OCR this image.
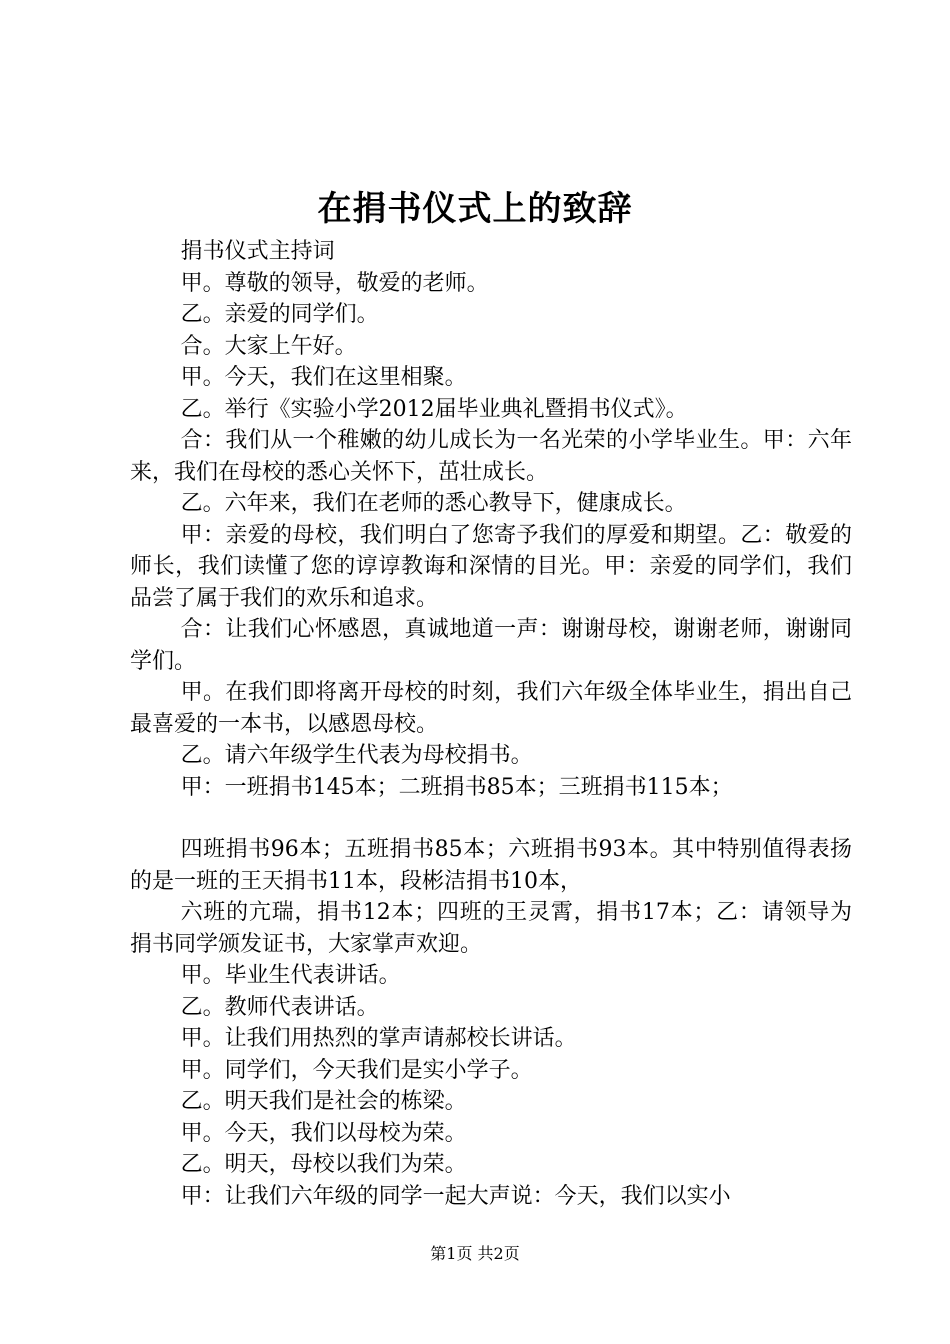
在捐书仪式上的致辞

捐书仪式主持词

甲。尊敬的领导，敬爱的老师。

乙。亲爱的同学们。

合。大家上午好。

甲。今天，我们在这里相聚。

乙。举行《实验小学2012届毕业典礼暨捐书仪式》。

合：我们从一个稚嫩的幼儿成长为一名光荣的小学毕业生。甲：六年来，我们在母校的悉心关怀下，茁壮成长。

乙。六年来，我们在老师的悉心教导下，健康成长。

甲：亲爱的母校，我们明白了您寄予我们的厚爱和期望。乙：敬爱的师长，我们读懂了您的谆谆教诲和深情的目光。甲：亲爱的同学们，我们品尝了属于我们的欢乐和追求。

合：让我们心怀感恩，真诚地道一声：谢谢母校，谢谢老师，谢谢同学们。

甲。在我们即将离开母校的时刻，我们六年级全体毕业生，捐出自己最喜爱的一本书，以感恩母校。

乙。请六年级学生代表为母校捐书。

甲：一班捐书145本；二班捐书85本；三班捐书115本；

四班捐书96本；五班捐书85本；六班捐书93本。其中特别值得表扬的是一班的王天捐书11本，段彬洁捐书10本，

六班的亢瑞，捐书12本；四班的王灵霄，捐书17本；乙：请领导为捐书同学颁发证书，大家掌声欢迎。

甲。毕业生代表讲话。

乙。教师代表讲话。

甲。让我们用热烈的掌声请郝校长讲话。

甲。同学们，今天我们是实小学子。

乙。明天我们是社会的栋梁。

甲。今天，我们以母校为荣。

乙。明天，母校以我们为荣。

甲：让我们六年级的同学一起大声说：今天，我们以实小

第1页 共2页
